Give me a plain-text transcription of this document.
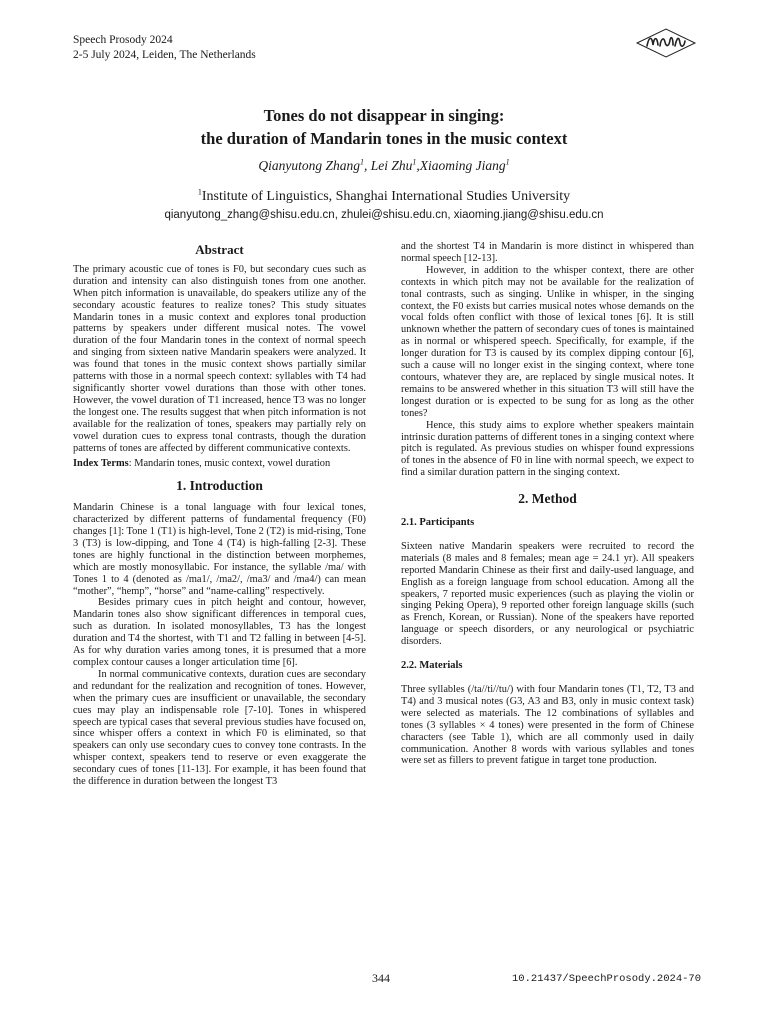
Speech Prosody 2024
2-5 July 2024, Leiden, The Netherlands
Tones do not disappear in singing:
the duration of Mandarin tones in the music context
Qianyutong Zhang$^1$, Lei Zhu$^1$,Xiaoming Jiang$^1$
$^1$Institute of Linguistics, Shanghai International Studies University
qianyutong_zhang@shisu.edu.cn, zhulei@shisu.edu.cn, xiaoming.jiang@shisu.edu.cn
Abstract

The primary acoustic cue of tones is F0, but secondary cues such as duration and intensity can also distinguish tones from one another. When pitch information is unavailable, do speakers utilize any of the secondary acoustic features to realize tones? This study situates Mandarin tones in a music context and explores tonal production patterns by speakers under different musical notes. The vowel duration of the four Mandarin tones in the context of normal speech and singing from sixteen native Mandarin speakers were analyzed. It was found that tones in the music context shows partially similar patterns with those in a normal speech context: syllables with T4 had significantly shorter vowel durations than those with other tones. However, the vowel duration of T1 increased, hence T3 was no longer the longest one. The results suggest that when pitch information is not available for the realization of tones, speakers may partially rely on vowel duration cues to express tonal contrasts, though the duration patterns of tones are affected by different communicative contexts.

Index Terms: Mandarin tones, music context, vowel duration

1. Introduction

Mandarin Chinese is a tonal language with four lexical tones, characterized by different patterns of fundamental frequency (F0) changes [1]: Tone 1 (T1) is high-level, Tone 2 (T2) is mid-rising, Tone 3 (T3) is low-dipping, and Tone 4 (T4) is high-falling [2-3]. These tones are highly functional in the distinction between morphemes, which are mostly monosyllabic. For instance, the syllable /ma/ with Tones 1 to 4 (denoted as /ma1/, /ma2/, /ma3/ and /ma4/) can mean “mother”, “hemp”, “horse” and “name-calling” respectively.

Besides primary cues in pitch height and contour, however, Mandarin tones also show significant differences in temporal cues, such as duration. In isolated monosyllables, T3 has the longest duration and T4 the shortest, with T1 and T2 falling in between [4-5]. As for why duration varies among tones, it is presumed that a more complex contour causes a longer articulation time [6].

In normal communicative contexts, duration cues are secondary and redundant for the realization and recognition of tones. However, when the primary cues are insufficient or unavailable, the secondary cues may play an indispensable role [7-10]. Tones in whispered speech are typical cases that several previous studies have focused on, since whisper offers a context in which F0 is eliminated, so that speakers can only use secondary cues to convey tone contrasts. In the whisper context, speakers tend to reserve or even exaggerate the secondary cues of tones [11-13]. For example, it has been found that the difference in duration between the longest T3

and the shortest T4 in Mandarin is more distinct in whispered than normal speech [12-13].

However, in addition to the whisper context, there are other contexts in which pitch may not be available for the realization of tonal contrasts, such as singing. Unlike in whisper, in the singing context, the F0 exists but carries musical notes whose demands on the vocal folds often conflict with those of lexical tones [6]. It is still unknown whether the pattern of secondary cues of tones is maintained as in normal or whispered speech. Specifically, for example, if the longer duration for T3 is caused by its complex dipping contour [6], such a cause will no longer exist in the singing context, where tone contours, whatever they are, are replaced by single musical notes. It remains to be answered whether in this situation T3 will still have the longest duration or is expected to be sung for as long as the other tones?

Hence, this study aims to explore whether speakers maintain intrinsic duration patterns of different tones in a singing context where pitch is regulated. As previous studies on whisper found expressions of tones in the absence of F0 in line with normal speech, we expect to find a similar duration pattern in the singing context.

2. Method
2.1. Participants

Sixteen native Mandarin speakers were recruited to record the materials (8 males and 8 females; mean age = 24.1 yr). All speakers reported Mandarin Chinese as their first and daily-used language, and English as a foreign language from school education. Among all the speakers, 7 reported music experiences (such as playing the violin or singing Peking Opera), 9 reported other foreign language skills (such as French, Korean, or Russian). None of the speakers have reported language or speech disorders, or any neurological or psychiatric disorders.

2.2. Materials

Three syllables (/ta//ti//tu/) with four Mandarin tones (T1, T2, T3 and T4) and 3 musical notes (G3, A3 and B3, only in music context task) were selected as materials. The 12 combinations of syllables and tones (3 syllables × 4 tones) were presented in the form of Chinese characters (see Table 1), which are all commonly used in daily communication. Another 8 words with various syllables and tones were set as fillers to prevent fatigue in target tone production.

344	10.21437/SpeechProsody.2024-70
